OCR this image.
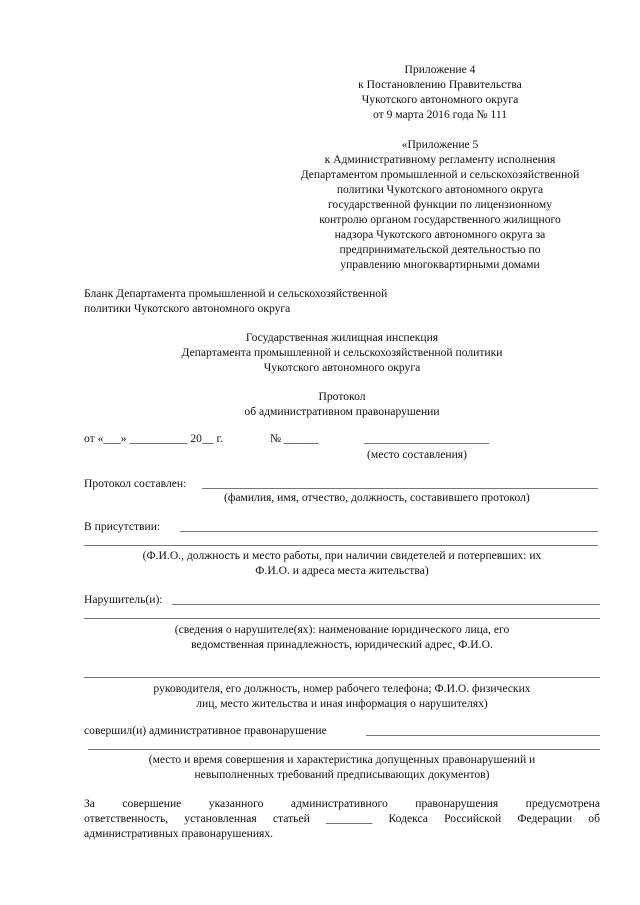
Приложение 4
к Постановлению Правительства
Чукотского автономного округа
от 9 марта 2016 года № 111
«Приложение 5
к Административному регламенту исполнения
Департаментом промышленной и сельскохозяйственной
политики Чукотского автономного округа
государственной функции по лицензионному
контролю органом государственного жилищного
надзора Чукотского автономного округа за
предпринимательской деятельностью по
управлению многоквартирными домами
Бланк Департамента промышленной и сельскохозяйственной
политики Чукотского автономного округа
Государственная жилищная инспекция
Департамента промышленной и сельскохозяйственной политики
Чукотского автономного округа
Протокол
об административном правонарушении
от «___» __________ 20__ г.	№ ______
(место составления)
Протокол составлен:
(фамилия, имя, отчество, должность, составившего протокол)
В присутствии:
(Ф.И.О., должность и место работы, при наличии свидетелей и потерпевших: их
Ф.И.О. и адреса места жительства)
Нарушитель(и):
(сведения о нарушителе(ях): наименование юридического лица, его
ведомственная принадлежность, юридический адрес, Ф.И.О.
руководителя, его должность, номер рабочего телефона; Ф.И.О. физических
лиц, место жительства и иная информация о нарушителях)
совершил(и) административное правонарушение
(место и время совершения и характеристика допущенных правонарушений и
невыполненных требований предписывающих документов)
За совершение указанного административного правонарушения предусмотрена
ответственность, установленная статьей ________ Кодекса Российской Федерации об
административных правонарушениях.
